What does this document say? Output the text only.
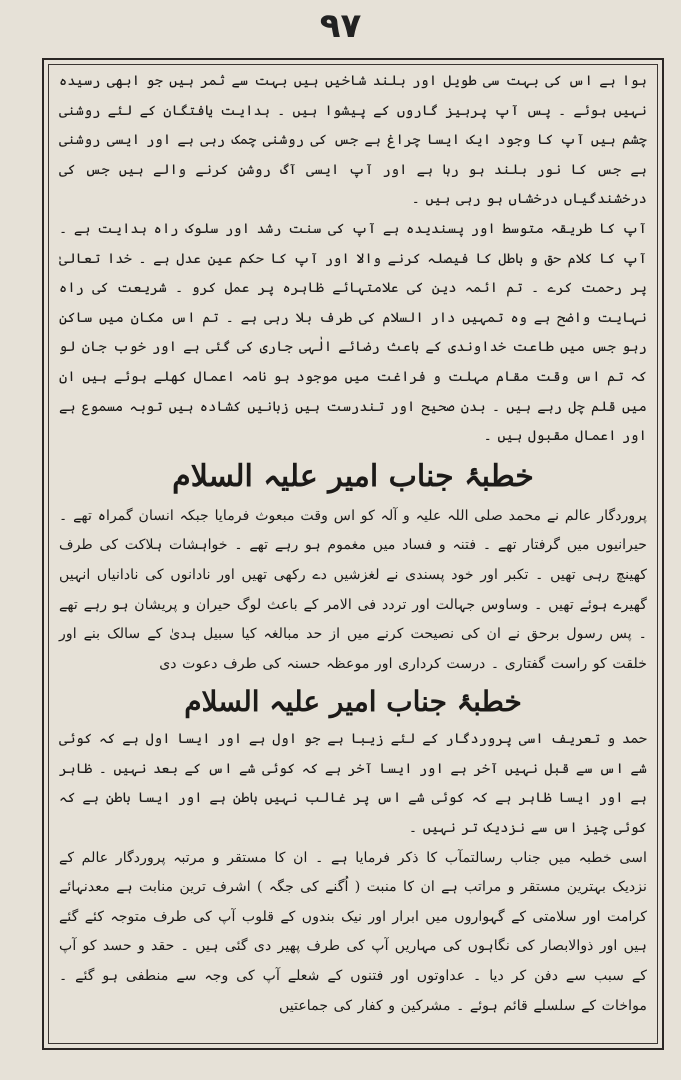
۹۷

ہوا ہے اس کی بہت سی طویل اور بلند شاخیں ہیں بہت سے ثمر ہیں جو ابھی رسیدہ نہیں ہوئے ۔ پس آپ پرہیز گاروں کے پیشوا ہیں ۔ ہدایت یافتگان کے لئے روشنی چشم ہیں آپ کا وجود ایک ایسا چراغ ہے جس کی روشنی چمک رہی ہے اور ایسی روشنی ہے جس کا نور بلند ہو رہا ہے اور آپ ایسی آگ روشن کرنے والے ہیں جس کی درخشندگیاں درخشاں ہو رہی ہیں ۔

آپ کا طریقہ متوسط اور پسندیدہ ہے آپ کی سنت رشد اور سلوک راہ ہدایت ہے ۔ آپ کا کلام حق و باطل کا فیصلہ کرنے والا اور آپ کا حکم عین عدل ہے ۔ خدا تعالیٰ پر رحمت کرے ۔ تم ائمہ دین کی علامتہائے ظاہرہ پر عمل کرو ۔ شریعت کی راہ نہایت واضح ہے وہ تمہیں دار السلام کی طرف بلا رہی ہے ۔ تم اس مکان میں ساکن رہو جس میں طاعت خداوندی کے باعث رضائے الٰہی جاری کی گئی ہے اور خوب جان لو کہ تم اس وقت مقام مہلت و فراغت میں موجود ہو نامہ اعمال کھلے ہوئے ہیں ان میں قلم چل رہے ہیں ۔ بدن صحیح اور تندرست ہیں زبانیں کشادہ ہیں توبہ مسموع ہے اور اعمال مقبول ہیں ۔

خطبۂ جناب امیر علیہ السلام

پروردگار عالم نے محمد صلی اللہ علیہ و آلہ کو اس وقت مبعوث فرمایا جبکہ انسان گمراہ تھے ۔ حیرانیوں میں گرفتار تھے ۔ فتنہ و فساد میں مغموم ہو رہے تھے ۔ خواہشات ہلاکت کی طرف کھینچ رہی تھیں ۔ تکبر اور خود پسندی نے لغزشیں دے رکھی تھیں اور نادانوں کی نادانیاں انہیں گھیرے ہوئے تھیں ۔ وساوس جہالت اور تردد فی الامر کے باعث لوگ حیران و پریشان ہو رہے تھے ۔ پس رسول برحق نے ان کی نصیحت کرنے میں از حد مبالغہ کیا سبیل ہدیٰ کے سالک بنے اور خلقت کو راست گفتاری ۔ درست کرداری اور موعظہ حسنہ کی طرف دعوت دی

خطبۂ جناب امیر علیہ السلام

حمد و تعریف اسی پروردگار کے لئے زیبا ہے جو اول ہے اور ایسا اول ہے کہ کوئی شے اس سے قبل نہیں آخر ہے اور ایسا آخر ہے کہ کوئی شے اس کے بعد نہیں ۔ ظاہر ہے اور ایسا ظاہر ہے کہ کوئی شے اس پر غالب نہیں باطن ہے اور ایسا باطن ہے کہ کوئی چیز اس سے نزدیک تر نہیں ۔

اسی خطبہ میں جناب رسالتمآب کا ذکر فرمایا ہے ۔ ان کا مستقر و مرتبہ پروردگار عالم کے نزدیک بہترین مستقر و مراتب ہے ان کا منبت ( اُگنے کی جگہ ) اشرف ترین منابت ہے معدنہائے کرامت اور سلامتی کے گہواروں میں ابرار اور نیک بندوں کے قلوب آپ کی طرف متوجہ کئے گئے ہیں اور ذوالابصار کی نگاہوں کی مہاریں آپ کی طرف پھیر دی گئی ہیں ۔ حقد و حسد کو آپ کے سبب سے دفن کر دیا ۔ عداوتوں اور فتنوں کے شعلے آپ کی وجہ سے منطفی ہو گئے ۔ مواخات کے سلسلے قائم ہوئے ۔ مشرکین و کفار کی جماعتیں
